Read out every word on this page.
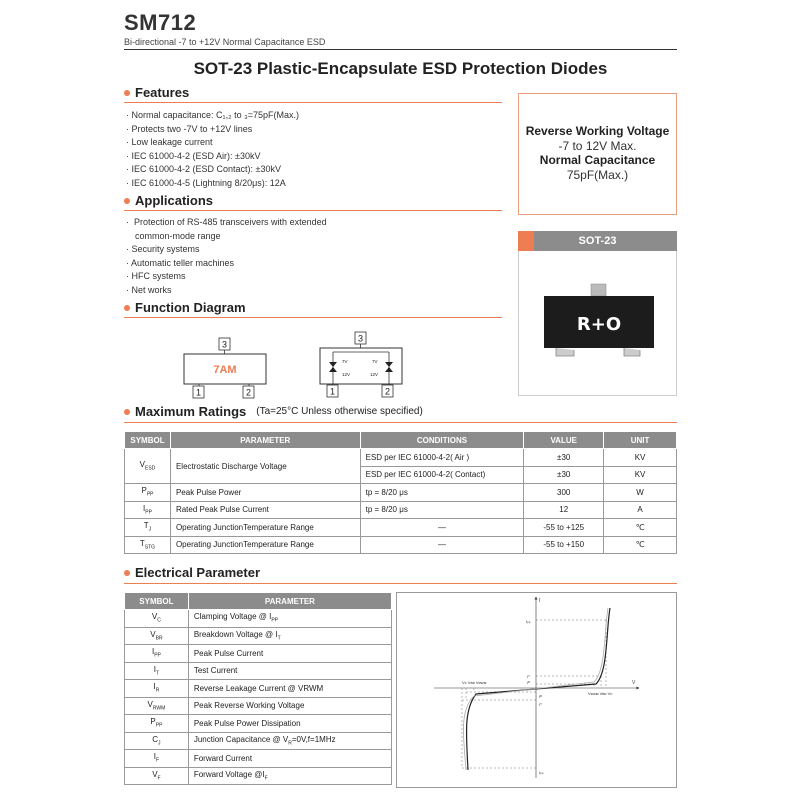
SM712
Bi-directional -7 to +12V Normal Capacitance ESD
SOT-23 Plastic-Encapsulate ESD Protection Diodes
Features
· Normal capacitance: C₁,₂ to ₃=75pF(Max.)
· Protects two -7V to +12V lines
· Low leakage current
· IEC 61000-4-2 (ESD Air): ±30kV
· IEC 61000-4-2 (ESD Contact): ±30kV
· IEC 61000-4-5 (Lightning 8/20μs): 12A
Applications
·  Protection of RS-485 transceivers with extended
common-mode range
· Security systems
· Automatic teller machines
· HFC systems
· Net works
Function Diagram
3
1	2
7AM
3
7V
12V
7V
12V
1	2
Reverse Working Voltage
-7 to 12V Max.
Normal Capacitance
75pF(Max.)
SOT-23
R+O
Maximum Ratings (Ta=25°C Unless otherwise specified)
SYMBOL	PARAMETER	CONDITIONS	VALUE	UNIT
$V_{ESD}$	Electrostatic Discharge Voltage	ESD per IEC 61000-4-2( Air )	±30	KV
		ESD per IEC 61000-4-2( Contact)	±30	KV
$P_{PP}$	Peak Pulse Power	tp = 8/20 μs	300	W
$I_{PP}$	Rated Peak Pulse Current	tp = 8/20 μs	12	A
$T_J$	Operating JunctionTemperature Range	—	-55 to +125	℃
$T_{STG}$	Operating JunctionTemperature Range	—	-55 to +150	℃
Electrical Parameter
SYMBOL	PARAMETER
$V_C$	Clamping Voltage @ $I_{PP}$
$V_{BR}$	Breakdown Voltage @ $I_T$
$I_{PP}$	Peak Pulse Current
$I_T$	Test Current
$I_R$	Reverse Leakage Current @ VRWM
$V_{RWM}$	Peak Reverse Working Voltage
$P_{PP}$	Peak Pulse Power Dissipation
$C_J$	Junction Capacitance @ $V_R=0V,f=1MHz$
$I_F$	Forward Current
$V_F$	Forward Voltage $@I_F$
I
V
Iₚₚ
Iᵀ
Iᴿ
Vᴄ Vʙʀ Vʀᴡᴍ
Vʀᴡᴍ Vʙʀ Vᴄ
Iᴿ
Iᵀ
Iₚₚ
